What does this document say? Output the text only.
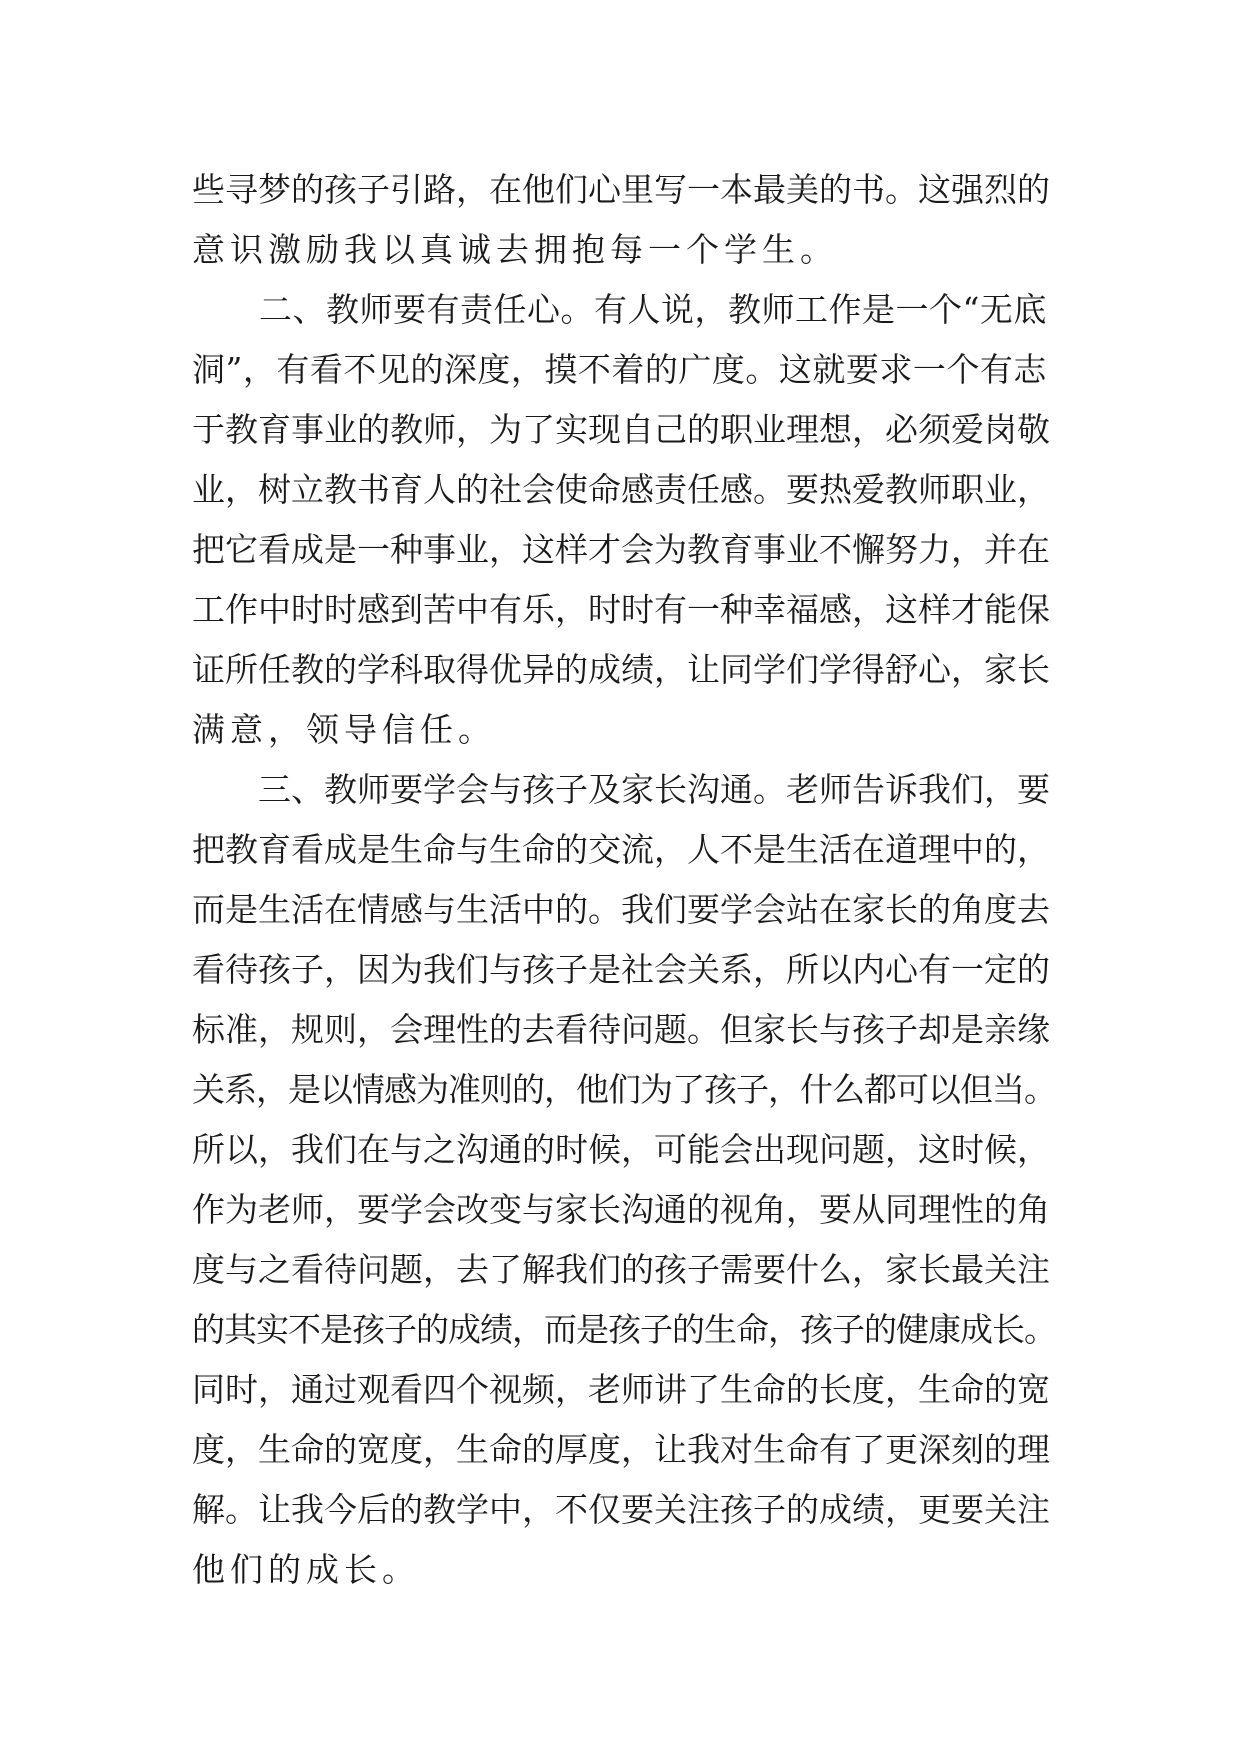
些寻梦的孩子引路，在他们心里写一本最美的书。这强烈的
意识激励我以真诚去拥抱每一个学生。
　　二、教师要有责任心。有人说，教师工作是一个“无底
洞”，有看不见的深度，摸不着的广度。这就要求一个有志
于教育事业的教师，为了实现自己的职业理想，必须爱岗敬
业，树立教书育人的社会使命感责任感。要热爱教师职业，
把它看成是一种事业，这样才会为教育事业不懈努力，并在
工作中时时感到苦中有乐，时时有一种幸福感，这样才能保
证所任教的学科取得优异的成绩，让同学们学得舒心，家长
满意，领导信任。
　　三、教师要学会与孩子及家长沟通。老师告诉我们，要
把教育看成是生命与生命的交流，人不是生活在道理中的，
而是生活在情感与生活中的。我们要学会站在家长的角度去
看待孩子，因为我们与孩子是社会关系，所以内心有一定的
标准，规则，会理性的去看待问题。但家长与孩子却是亲缘
关系，是以情感为准则的，他们为了孩子，什么都可以但当。
所以，我们在与之沟通的时候，可能会出现问题，这时候，
作为老师，要学会改变与家长沟通的视角，要从同理性的角
度与之看待问题，去了解我们的孩子需要什么，家长最关注
的其实不是孩子的成绩，而是孩子的生命，孩子的健康成长。
同时，通过观看四个视频，老师讲了生命的长度，生命的宽
度，生命的宽度，生命的厚度，让我对生命有了更深刻的理
解。让我今后的教学中，不仅要关注孩子的成绩，更要关注
他们的成长。
